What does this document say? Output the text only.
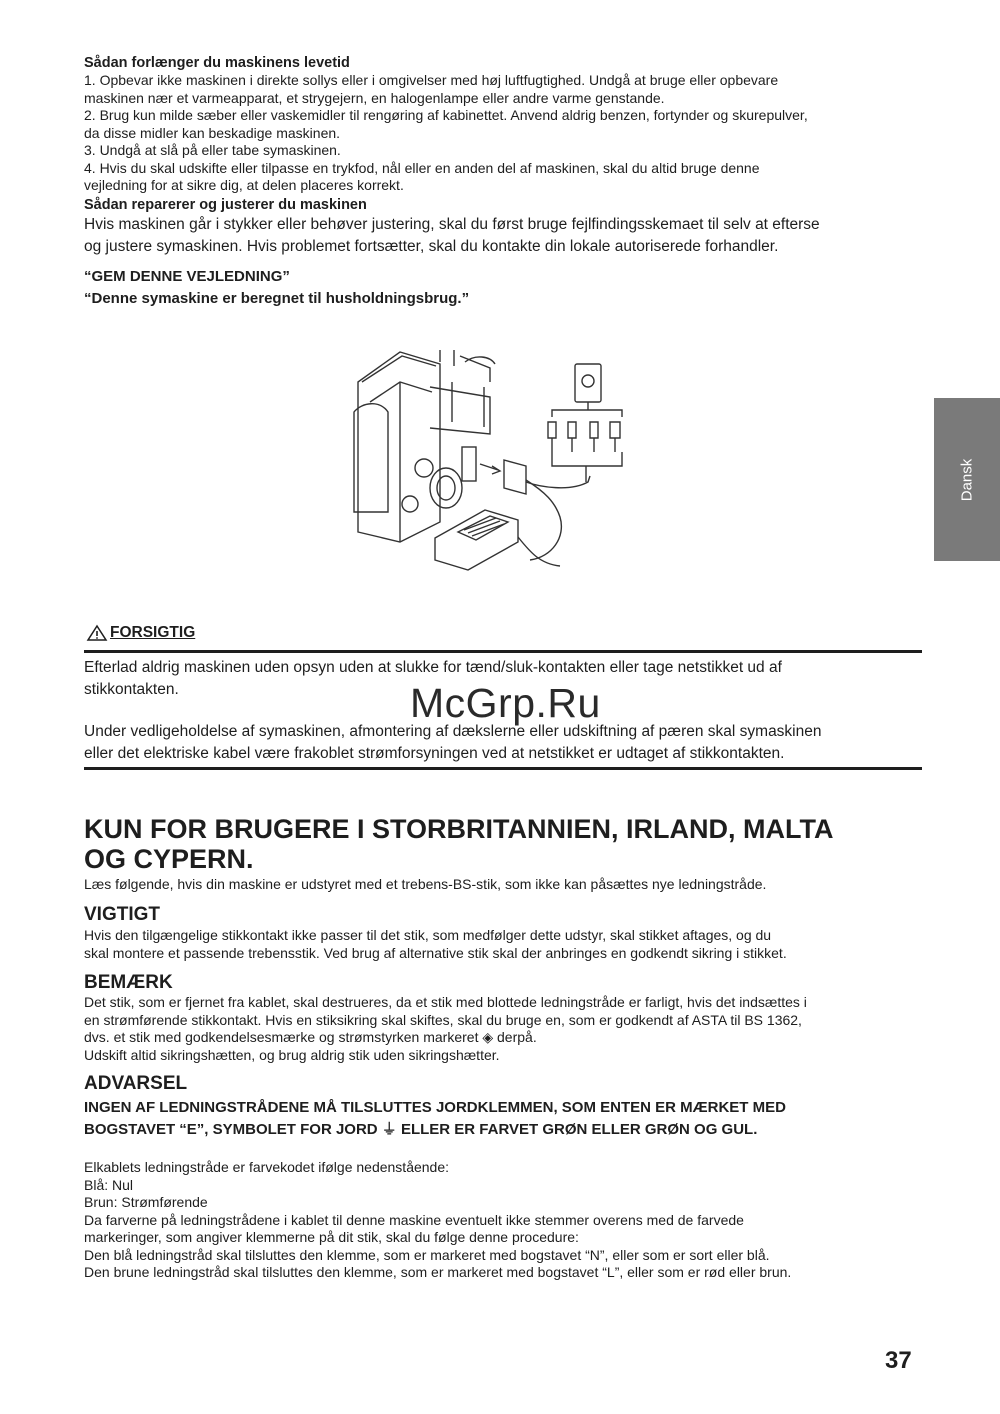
Sådan forlænger du maskinens levetid
1. Opbevar ikke maskinen i direkte sollys eller i omgivelser med høj luftfugtighed. Undgå at bruge eller opbevare
maskinen nær et varmeapparat, et strygejern, en halogenlampe eller andre varme genstande.
2. Brug kun milde sæber eller vaskemidler til rengøring af kabinettet. Anvend aldrig benzen, fortynder og skurepulver,
da disse midler kan beskadige maskinen.
3. Undgå at slå på eller tabe symaskinen.
4. Hvis du skal udskifte eller tilpasse en trykfod, nål eller en anden del af maskinen, skal du altid bruge denne
vejledning for at sikre dig, at delen placeres korrekt.
Sådan reparerer og justerer du maskinen
Hvis maskinen går i stykker eller behøver justering, skal du først bruge fejlfindingsskemaet til selv at efterse
og justere symaskinen. Hvis problemet fortsætter, skal du kontakte din lokale autoriserede forhandler.
“GEM DENNE VEJLEDNING”
“Denne symaskine er beregnet til husholdningsbrug.”
Dansk
FORSIGTIG
Efterlad aldrig maskinen uden opsyn uden at slukke for tænd/sluk-kontakten eller tage netstikket ud af
stikkontakten.	McGrp.Ru
Under vedligeholdelse af symaskinen, afmontering af dækslerne eller udskiftning af pæren skal symaskinen
eller det elektriske kabel være frakoblet strømforsyningen ved at netstikket er udtaget af stikkontakten.
KUN FOR BRUGERE I STORBRITANNIEN, IRLAND, MALTA
OG CYPERN.
Læs følgende, hvis din maskine er udstyret med et trebens-BS-stik, som ikke kan påsættes nye ledningstråde.
VIGTIGT
Hvis den tilgængelige stikkontakt ikke passer til det stik, som medfølger dette udstyr, skal stikket aftages, og du
skal montere et passende trebensstik. Ved brug af alternative stik skal der anbringes en godkendt sikring i stikket.
BEMÆRK
Det stik, som er fjernet fra kablet, skal destrueres, da et stik med blottede ledningstråde er farligt, hvis det indsættes i
en strømførende stikkontakt. Hvis en stiksikring skal skiftes, skal du bruge en, som er godkendt af ASTA til BS 1362,
dvs. et stik med godkendelsesmærke og strømstyrken markeret ◈ derpå.
Udskift altid sikringshætten, og brug aldrig stik uden sikringshætter.
ADVARSEL
INGEN AF LEDNINGSTRÅDENE MÅ TILSLUTTES JORDKLEMMEN, SOM ENTEN ER MÆRKET MED
BOGSTAVET “E”, SYMBOLET FOR JORD ⏚ ELLER ER FARVET GRØN ELLER GRØN OG GUL.
Elkablets ledningstråde er farvekodet ifølge nedenstående:
Blå: Nul
Brun: Strømførende
Da farverne på ledningstrådene i kablet til denne maskine eventuelt ikke stemmer overens med de farvede
markeringer, som angiver klemmerne på dit stik, skal du følge denne procedure:
Den blå ledningstråd skal tilsluttes den klemme, som er markeret med bogstavet “N”, eller som er sort eller blå.
Den brune ledningstråd skal tilsluttes den klemme, som er markeret med bogstavet “L”, eller som er rød eller brun.
37
